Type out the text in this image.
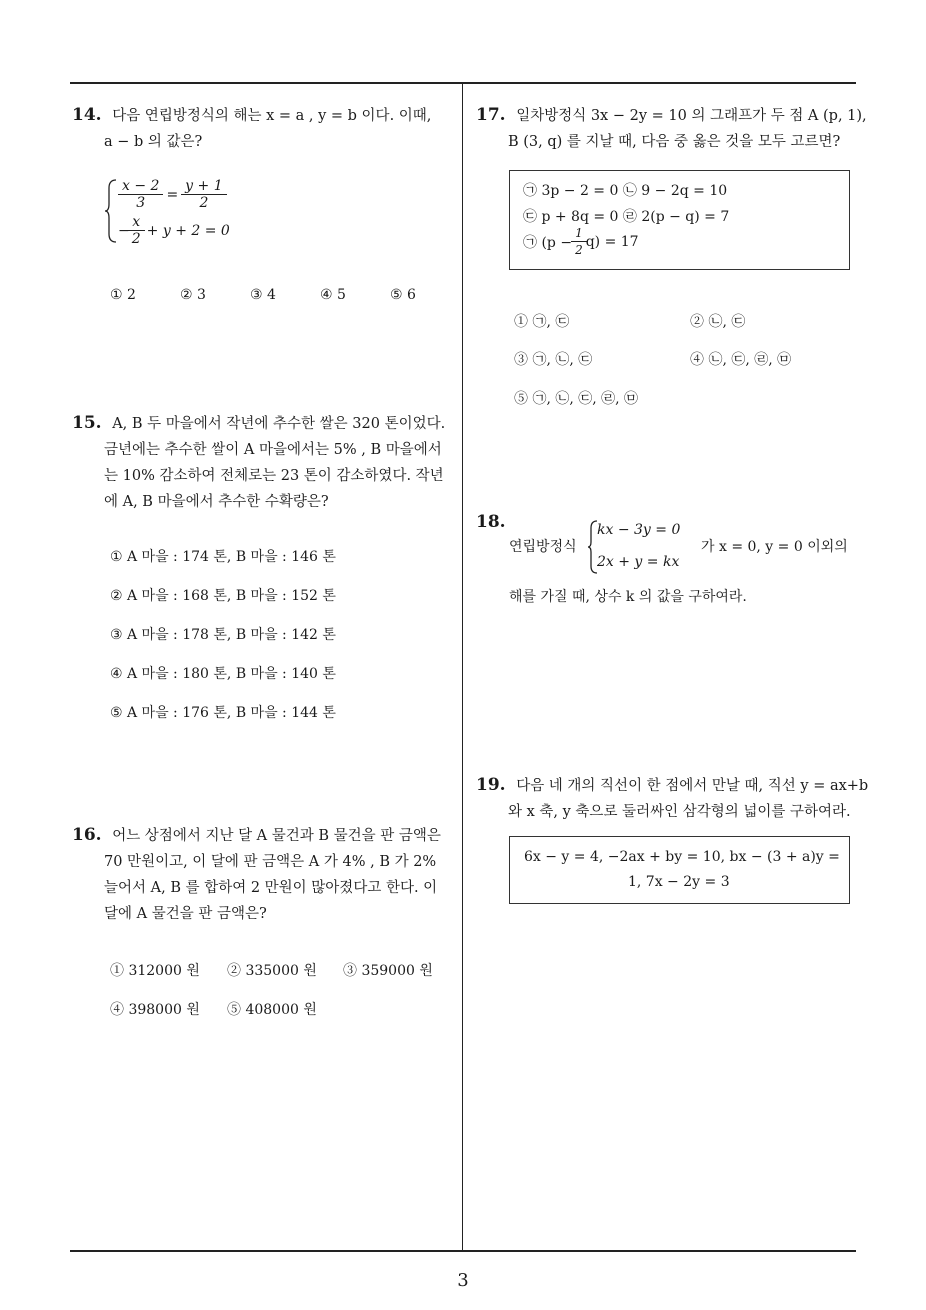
14. 다음 연립방정식의 해는 x = a , y = b 이다. 이때,
a − b 의 값은?
$\frac{x - 2}{3} = \frac{y + 1}{2}$
− $\frac{x}{2} + y + 2 = 0$
① 2	② 3	③ 4	④ 5	⑤ 6
15. A, B 두 마을에서 작년에 추수한 쌀은 320 톤이었다.
금년에는 추수한 쌀이 A 마을에서는 5% , B 마을에서
는 10% 감소하여 전체로는 23 톤이 감소하였다. 작년
에 A, B 마을에서 추수한 수확량은?
① A 마을 : 174 톤, B 마을 : 146 톤
② A 마을 : 168 톤, B 마을 : 152 톤
③ A 마을 : 178 톤, B 마을 : 142 톤
④ A 마을 : 180 톤, B 마을 : 140 톤
⑤ A 마을 : 176 톤, B 마을 : 144 톤
16. 어느 상점에서 지난 달 A 물건과 B 물건을 판 금액은
70 만원이고, 이 달에 판 금액은 A 가 4% , B 가 2%
늘어서 A, B 를 합하여 2 만원이 많아졌다고 한다. 이
달에 A 물건을 판 금액은?
① 312000 원 ② 335000 원 ③ 359000 원
④ 398000 원 ⑤ 408000 원
17. 일차방정식 3x − 2y = 10 의 그래프가 두 점 A (p, 1),
B (3, q) 를 지날 때, 다음 중 옳은 것을 모두 고르면?
㉠ 3p − 2 = 0 ㉡ 9 − 2q = 10
㉢ p + 8q = 0 ㉣ 2(p − q) = 7
㉠ $(p - \frac{1}{2} q) = 17$
① ㉠, ㉢	② ㉡, ㉢
③ ㉠, ㉡, ㉢	④ ㉡, ㉢, ㉣, ㉤
⑤ ㉠, ㉡, ㉢, ㉣, ㉤
18.
연립방정식
kx − 3y = 0
2x + y = kx
가 x = 0, y = 0 이외의
해를 가질 때, 상수 k 의 값을 구하여라.
19. 다음 네 개의 직선이 한 점에서 만날 때, 직선 y = ax+b
와 x 축, y 축으로 둘러싸인 삼각형의 넓이를 구하여라.
6x − y = 4, −2ax + by = 10, bx − (3 + a)y =
1, 7x − 2y = 3
3
